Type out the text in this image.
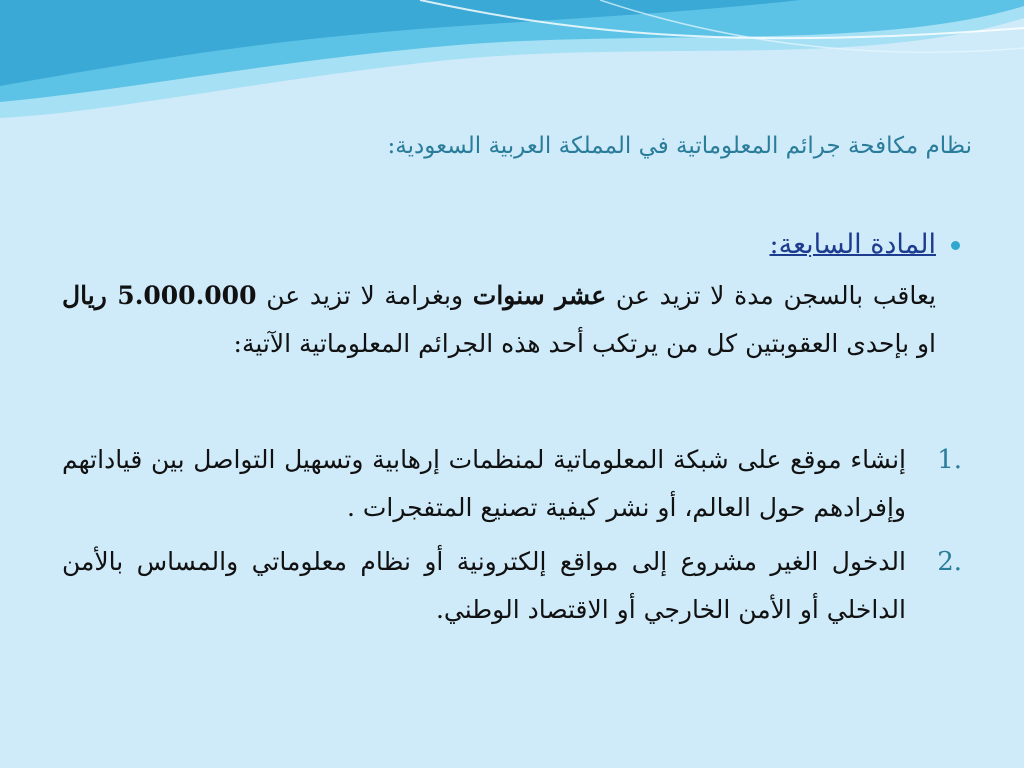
نظام مكافحة جرائم المعلوماتية في المملكة العربية السعودية:
المادة السابعة:
يعاقب بالسجن مدة لا تزيد عن عشر سنوات وبغرامة لا تزيد عن 5.000.000 ريال او بإحدى العقوبتين كل من يرتكب أحد هذه الجرائم المعلوماتية الآتية:
1.
إنشاء موقع على شبكة المعلوماتية لمنظمات إرهابية وتسهيل التواصل بين قياداتهم وإفرادهم حول العالم، أو نشر كيفية تصنيع المتفجرات .
2.
الدخول الغير مشروع إلى مواقع إلكترونية أو نظام معلوماتي والمساس بالأمن الداخلي أو الأمن الخارجي أو الاقتصاد الوطني.
